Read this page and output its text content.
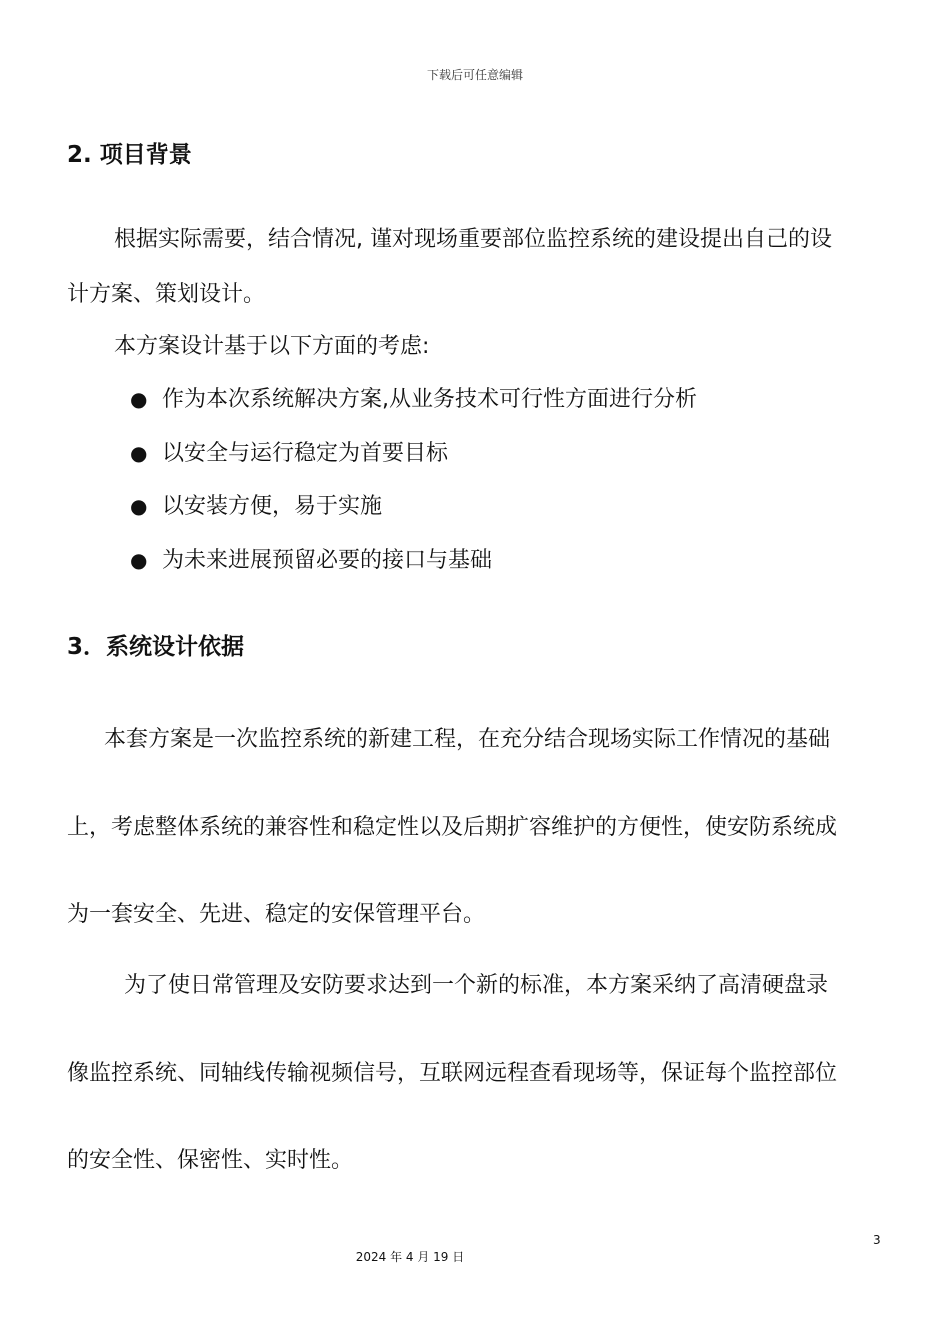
下载后可任意编辑
2. 项目背景
根据实际需要，结合情况, 谨对现场重要部位监控系统的建设提出自己的设
计方案、策划设计。
本方案设计基于以下方面的考虑:
● 作为本次系统解决方案,从业务技术可行性方面进行分析
● 以安全与运行稳定为首要目标
● 以安装方便，易于实施
● 为未来进展预留必要的接口与基础
3．系统设计依据
本套方案是一次监控系统的新建工程，在充分结合现场实际工作情况的基础
上，考虑整体系统的兼容性和稳定性以及后期扩容维护的方便性，使安防系统成
为一套安全、先进、稳定的安保管理平台。
为了使日常管理及安防要求达到一个新的标准，本方案采纳了高清硬盘录
像监控系统、同轴线传输视频信号，互联网远程查看现场等，保证每个监控部位
的安全性、保密性、实时性。
3
2024 年 4 月 19 日
